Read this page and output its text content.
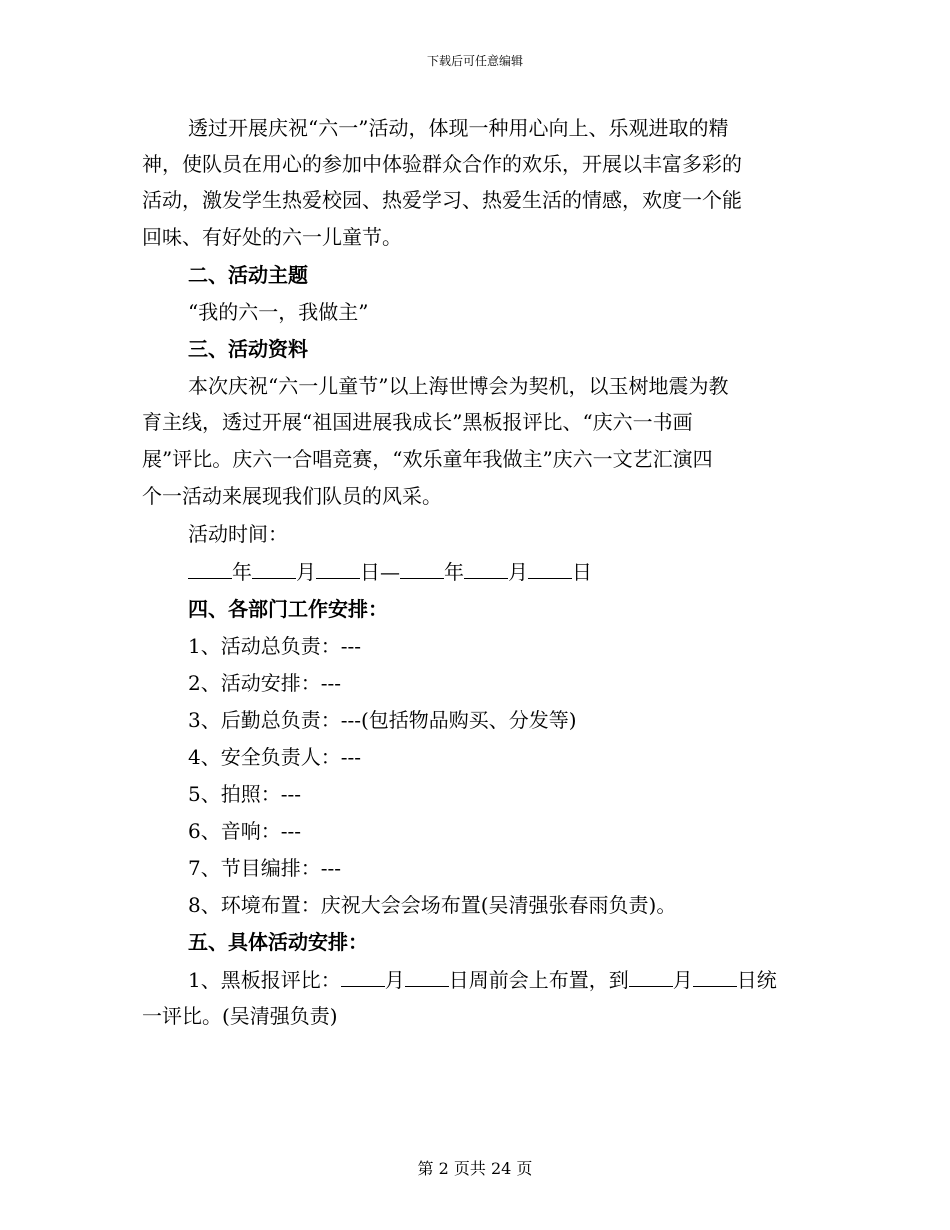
下载后可任意编辑
透过开展庆祝“六一”活动，体现一种用心向上、乐观进取的精
神，使队员在用心的参加中体验群众合作的欢乐，开展以丰富多彩的
活动，激发学生热爱校园、热爱学习、热爱生活的情感，欢度一个能
回味、有好处的六一儿童节。
二、活动主题
“我的六一，我做主”
三、活动资料
本次庆祝“六一儿童节”以上海世博会为契机，以玉树地震为教
育主线，透过开展“祖国进展我成长”黑板报评比、“庆六一书画
展”评比。庆六一合唱竞赛，“欢乐童年我做主”庆六一文艺汇演四
个一活动来展现我们队员的风采。
活动时间：
年 月 日— 年 月 日
四、各部门工作安排：
1、活动总负责：---
2、活动安排：---
3、后勤总负责：---(包括物品购买、分发等)
4、安全负责人：---
5、拍照：---
6、音响：---
7、节目编排：---
8、环境布置：庆祝大会会场布置(吴清强张春雨负责)。
五、具体活动安排：
1、黑板报评比： 月 日周前会上布置，到 月 日统
一评比。(吴清强负责)
第 2 页共 24 页
